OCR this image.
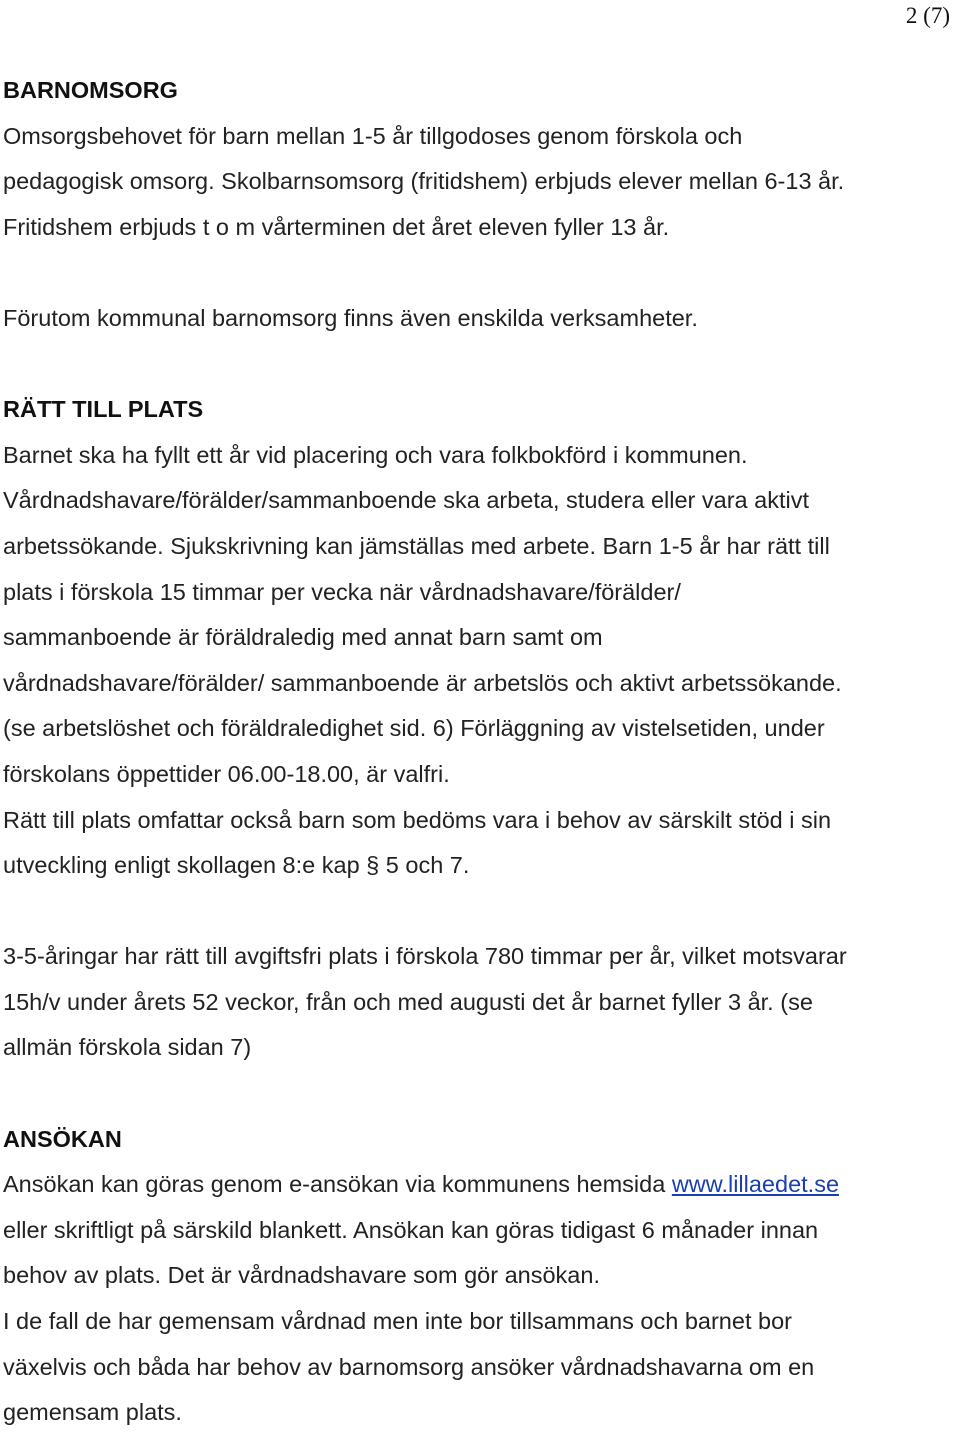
2 (7)

BARNOMSORG

Omsorgsbehovet för barn mellan 1-5 år tillgodoses genom förskola och

pedagogisk omsorg. Skolbarnsomsorg (fritidshem) erbjuds elever mellan 6-13 år.

Fritidshem erbjuds t o m vårterminen det året eleven fyller 13 år.

Förutom kommunal barnomsorg finns även enskilda verksamheter.

RÄTT TILL PLATS

Barnet ska ha fyllt ett år vid placering och vara folkbokförd i kommunen.

Vårdnadshavare/förälder/sammanboende ska arbeta, studera eller vara aktivt

arbetssökande. Sjukskrivning kan jämställas med arbete. Barn 1-5 år har rätt till

plats i förskola 15 timmar per vecka när vårdnadshavare/förälder/

sammanboende är föräldraledig med annat barn samt om

vårdnadshavare/förälder/ sammanboende är arbetslös och aktivt arbetssökande.

(se arbetslöshet och föräldraledighet sid. 6) Förläggning av vistelsetiden, under

förskolans öppettider 06.00-18.00, är valfri.

Rätt till plats omfattar också barn som bedöms vara i behov av särskilt stöd i sin

utveckling enligt skollagen 8:e kap § 5 och 7.

3-5-åringar har rätt till avgiftsfri plats i förskola 780 timmar per år, vilket motsvarar

15h/v under årets 52 veckor, från och med augusti det år barnet fyller 3 år. (se

allmän förskola sidan 7)

ANSÖKAN

Ansökan kan göras genom e-ansökan via kommunens hemsida www.lillaedet.se

eller skriftligt på särskild blankett. Ansökan kan göras tidigast 6 månader innan

behov av plats. Det är vårdnadshavare som gör ansökan.

I de fall de har gemensam vårdnad men inte bor tillsammans och barnet bor

växelvis och båda har behov av barnomsorg ansöker vårdnadshavarna om en

gemensam plats.
